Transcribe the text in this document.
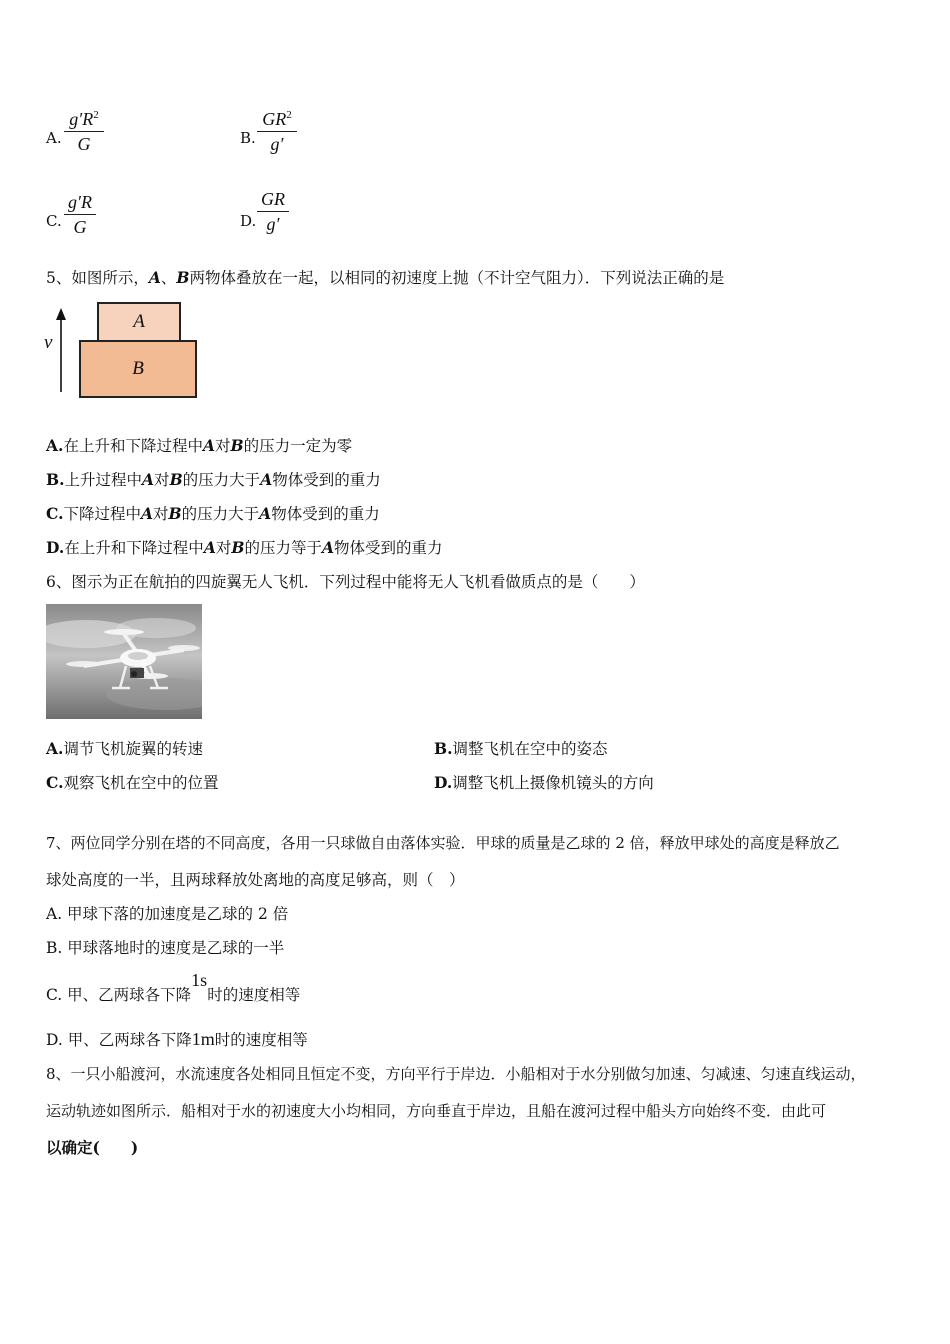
A.
$g'R^2$
G	B.
$GR^2$
g′
C.
g′R
G	D.
GR
g′
5、如图所示，A、B两物体叠放在一起，以相同的初速度上抛（不计空气阻力）．下列说法正确的是
v
A
B
A.在上升和下降过程中A对B的压力一定为零
B.上升过程中A对B的压力大于A物体受到的重力
C.下降过程中A对B的压力大于A物体受到的重力
D.在上升和下降过程中A对B的压力等于A物体受到的重力
6、图示为正在航拍的四旋翼无人飞机．下列过程中能将无人飞机看做质点的是（　　）
A.调节飞机旋翼的转速	B.调整飞机在空中的姿态
C.观察飞机在空中的位置	D.调整飞机上摄像机镜头的方向
7、两位同学分别在塔的不同高度，各用一只球做自由落体实验．甲球的质量是乙球的 2 倍，释放甲球处的高度是释放乙
球处高度的一半，且两球释放处离地的高度足够高，则（　）
A. 甲球下落的加速度是乙球的 2 倍
B. 甲球落地时的速度是乙球的一半
C. 甲、乙两球各下降1s时的速度相等
D. 甲、乙两球各下降1m时的速度相等
8、一只小船渡河，水流速度各处相同且恒定不变，方向平行于岸边．小船相对于水分别做匀加速、匀减速、匀速直线运动，
运动轨迹如图所示．船相对于水的初速度大小均相同，方向垂直于岸边，且船在渡河过程中船头方向始终不变．由此可
以确定(　　)
